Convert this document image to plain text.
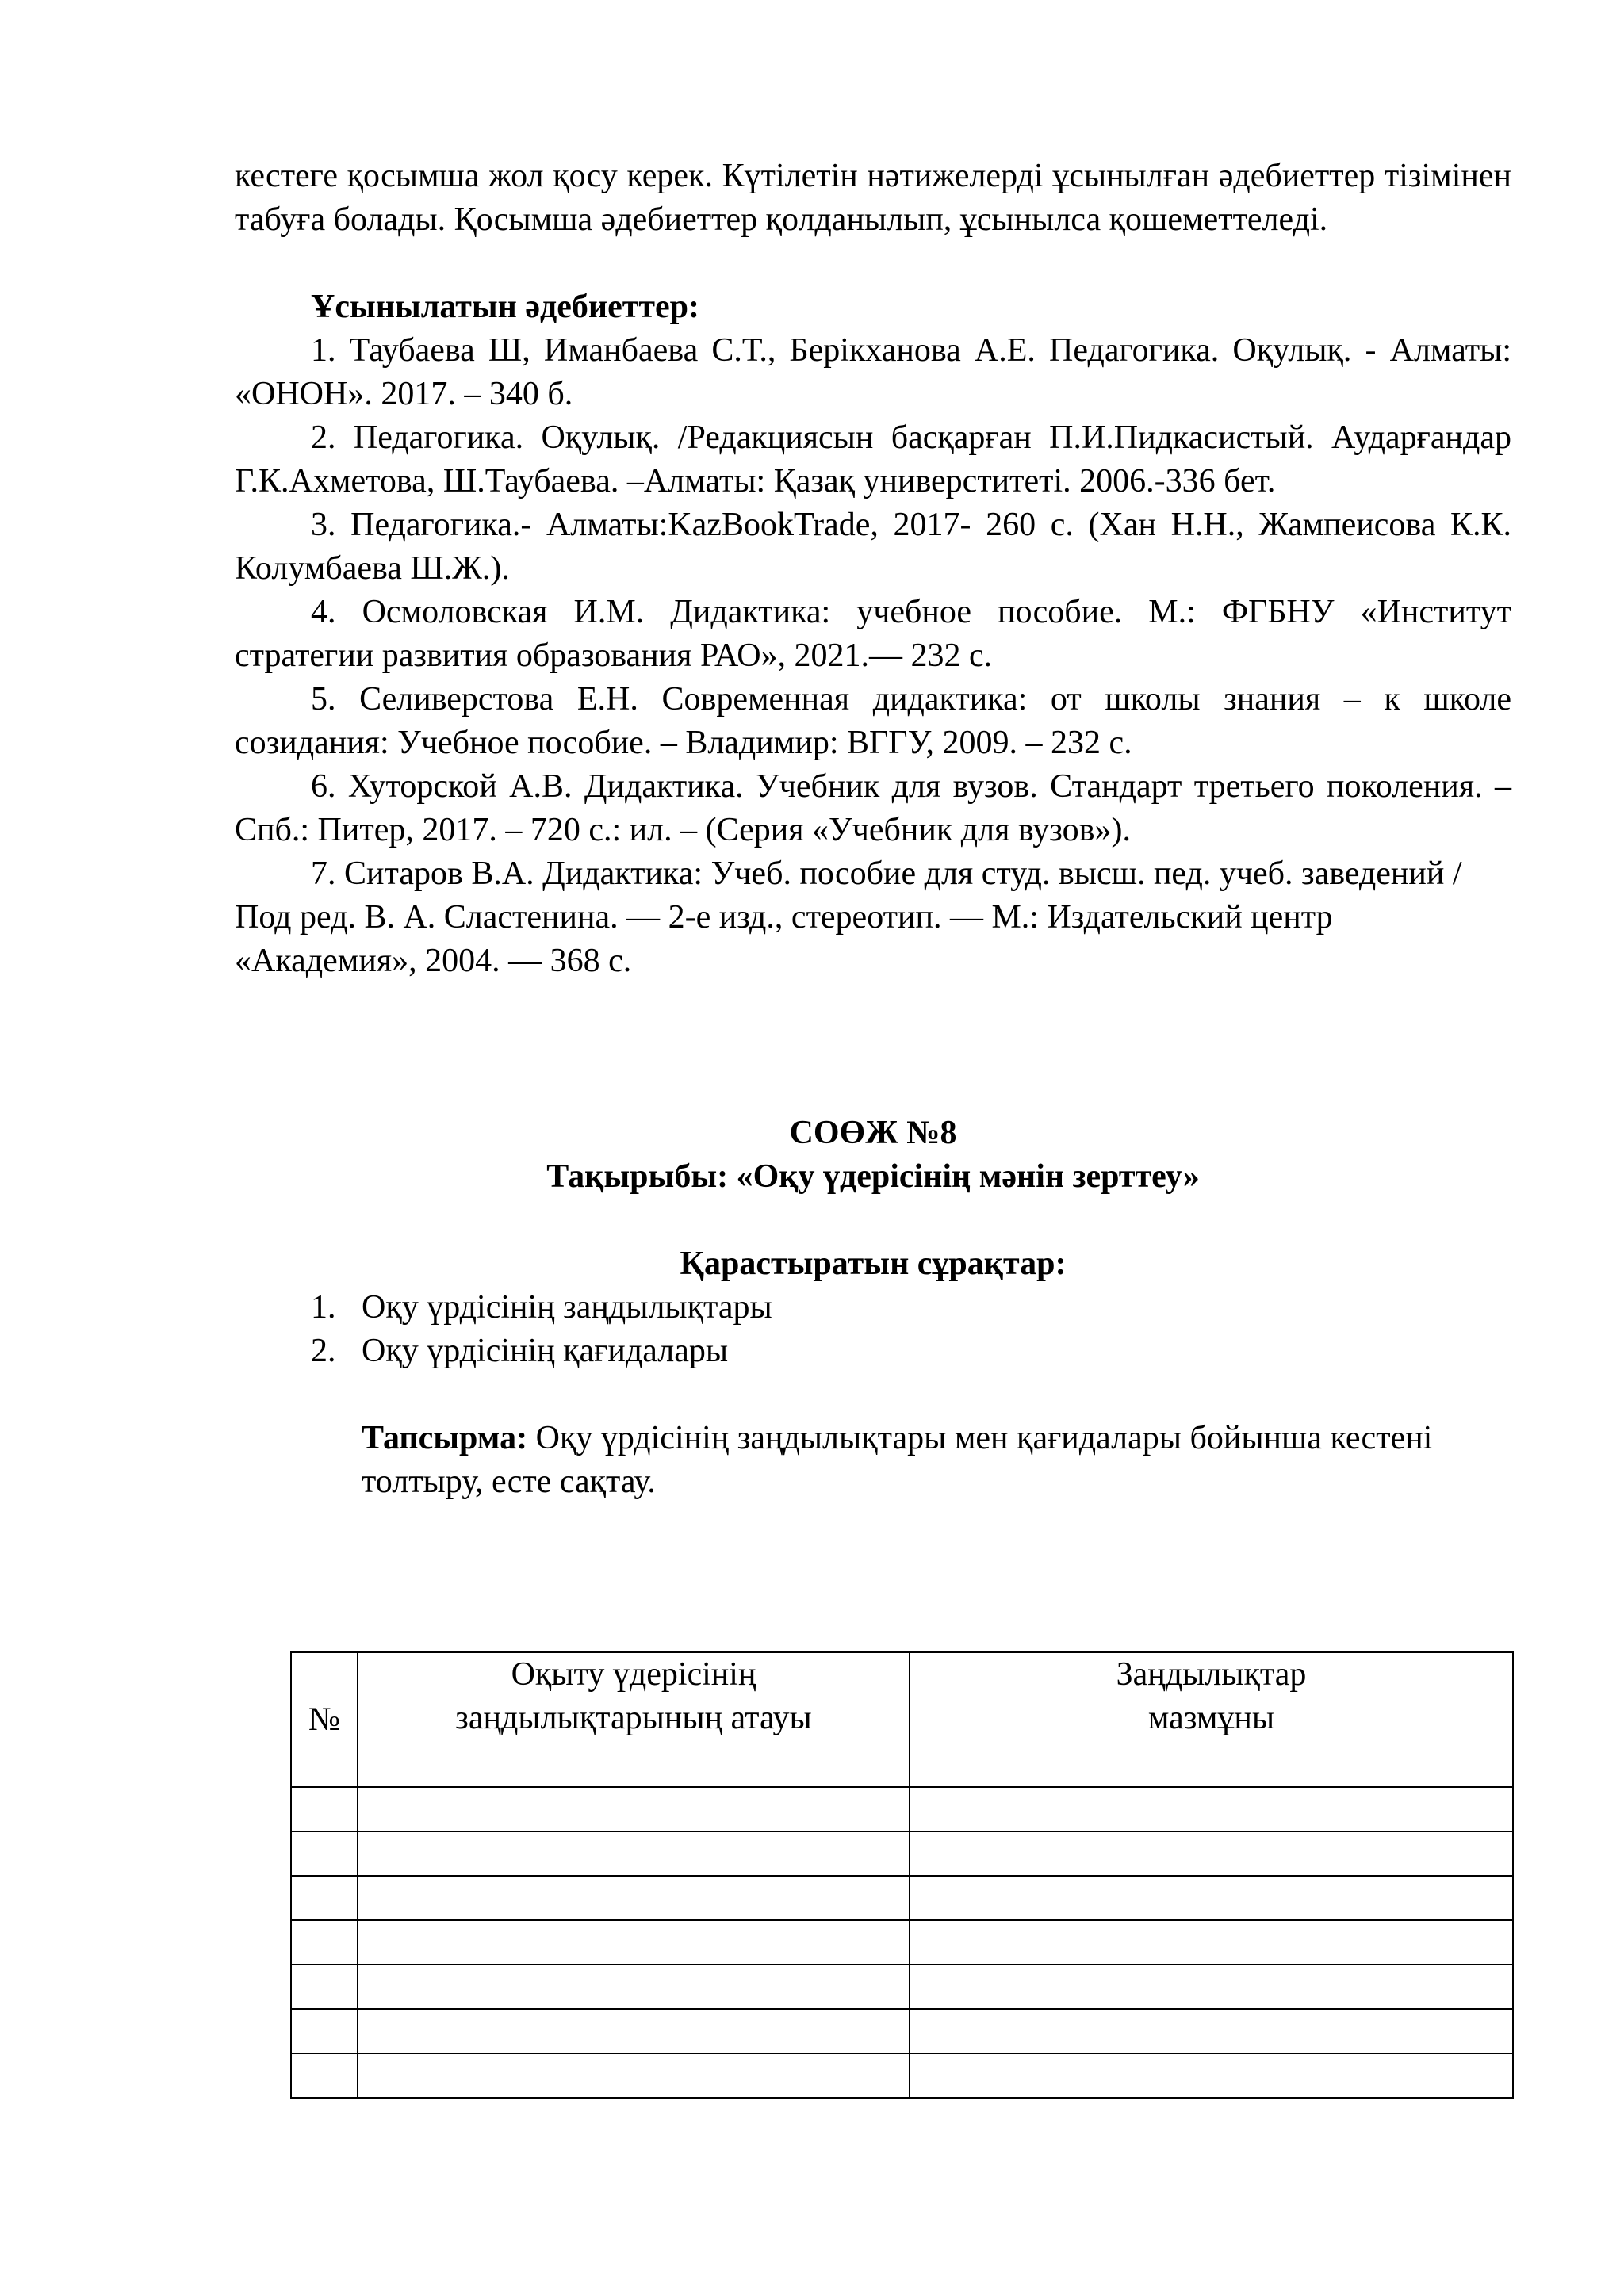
кестеге қосымша жол қосу керек. Күтілетін нәтижелерді ұсынылған әдебиеттер тізімінен табуға болады. Қосымша әдебиеттер қолданылып, ұсынылса қошеметтеледі.

Ұсынылатын әдебиеттер:

1. Таубаева Ш, Иманбаева С.Т., Берікханова А.Е. Педагогика. Оқулық. - Алматы: «ОНОН». 2017. – 340 б.

2. Педагогика. Оқулық. /Редакциясын басқарған П.И.Пидкасистый. Аударғандар Г.К.Ахметова, Ш.Таубаева. –Алматы: Қазақ универститеті. 2006.-336 бет.

3. Педагогика.- Алматы:KazBookTrade, 2017- 260 с. (Хан Н.Н., Жампеисова К.К. Колумбаева Ш.Ж.).

4. Осмоловская И.М. Дидактика: учебное пособие. М.: ФГБНУ «Институт стратегии развития образования РАО», 2021.— 232 с.

5. Селиверстова Е.Н. Современная дидактика: от школы знания – к школе созидания: Учебное пособие. – Владимир: ВГГУ, 2009. – 232 с.

6. Хуторской А.В. Дидактика. Учебник для вузов. Стандарт третьего поколения. – Спб.: Питер, 2017. – 720 с.: ил. – (Серия «Учебник для вузов»).

7. Ситаров В.А. Дидактика: Учеб. пособие для студ. высш. пед. учеб. заведений / Под ред. В. А. Сластенина. — 2-е изд., стереотип. — М.: Издательский центр «Академия», 2004. — 368 с.

СОӨЖ №8

Тақырыбы: «Оқу үдерісінің мәнін зерттеу»

Қарастыратын сұрақтар:

1. Оқу үрдісінің заңдылықтары
2. Оқу үрдісінің қағидалары

Тапсырма: Оқу үрдісінің заңдылықтары мен қағидалары бойынша кестені толтыру, есте сақтау.

№	Оқыту үдерісінің заңдылықтарының атауы	Заңдылықтар мазмұны
